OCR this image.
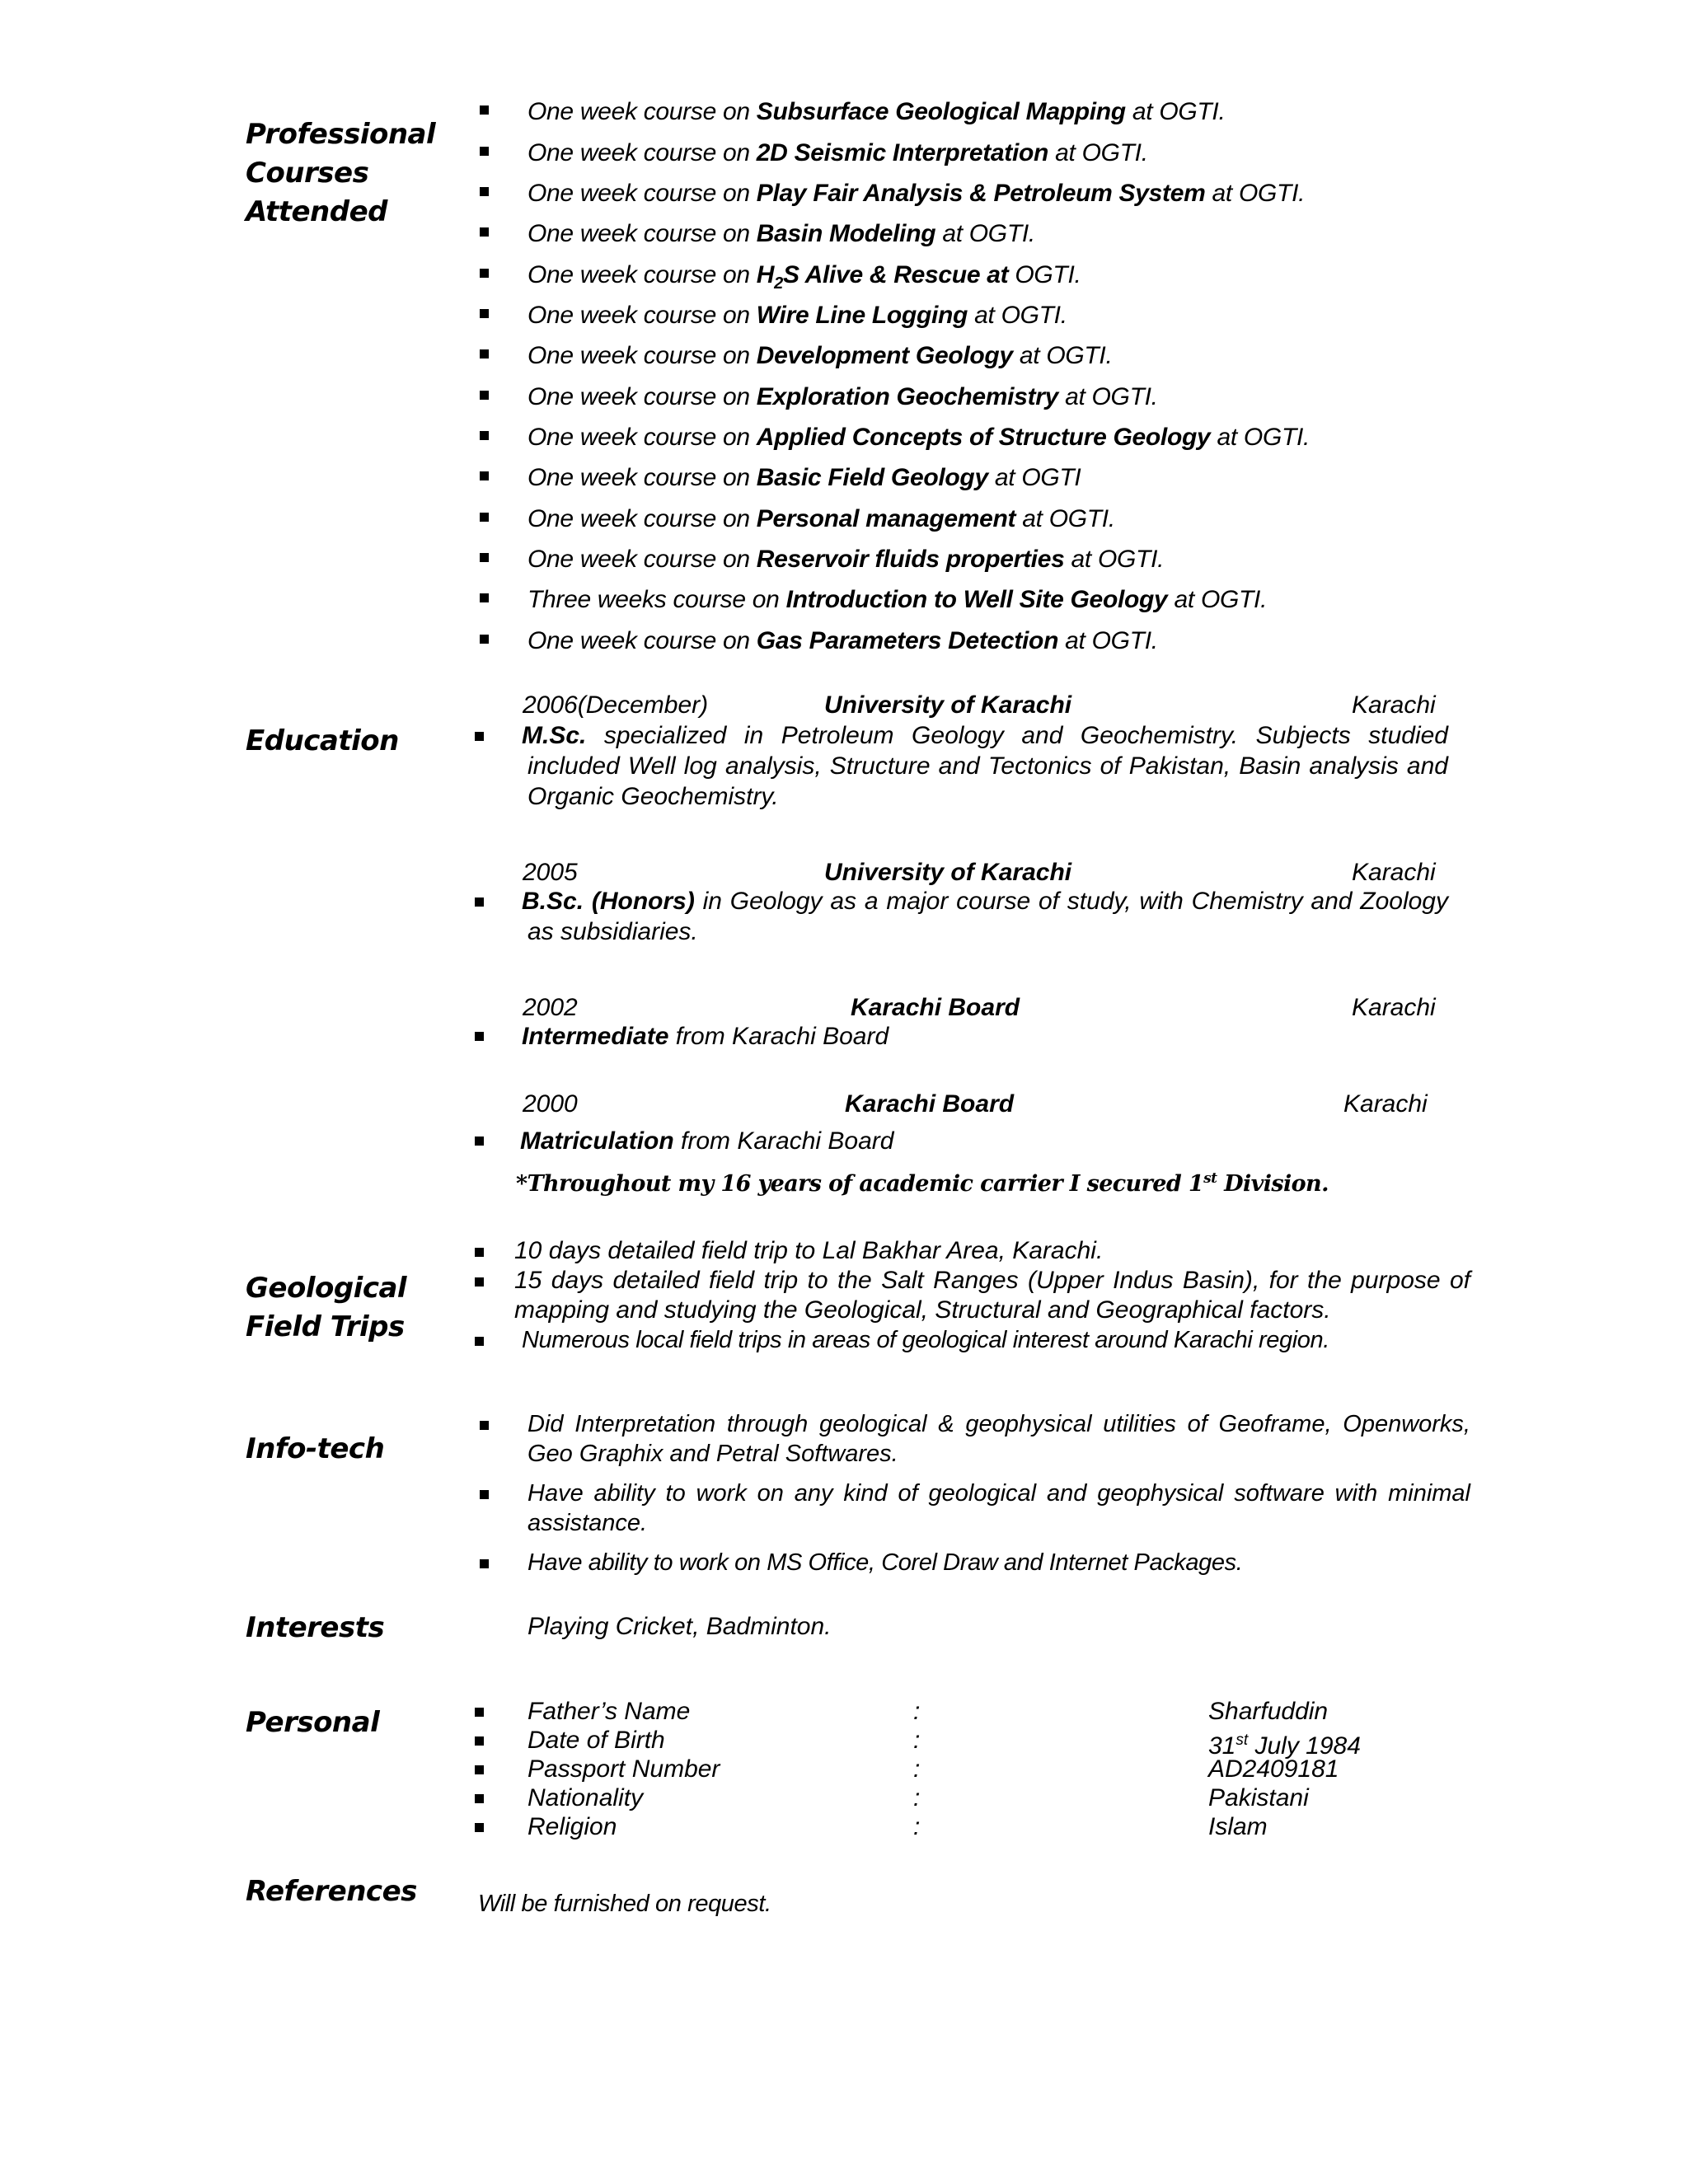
Professional
Courses
Attended
Education
Geological
Field Trips
Info-tech
Interests
Personal
References
One week course on Subsurface Geological Mapping at OGTI.
One week course on 2D Seismic Interpretation at OGTI.
One week course on Play Fair Analysis & Petroleum System at OGTI.
One week course on Basin Modeling at OGTI.
One week course on $H_2S$ Alive & Rescue at OGTI.
One week course on Wire Line Logging at OGTI.
One week course on Development Geology at OGTI.
One week course on Exploration Geochemistry at OGTI.
One week course on Applied Concepts of Structure Geology at OGTI.
One week course on Basic Field Geology at OGTI
One week course on Personal management at OGTI.
One week course on Reservoir fluids properties at OGTI.
Three weeks course on Introduction to Well Site Geology at OGTI.
One week course on Gas Parameters Detection at OGTI.
2006(December)	University of Karachi	Karachi
M.Sc. specialized in Petroleum Geology and Geochemistry. Subjects studied included Well log analysis, Structure and Tectonics of Pakistan, Basin analysis and Organic Geochemistry.
2005	University of Karachi	Karachi
B.Sc. (Honors) in Geology as a major course of study, with Chemistry and Zoology as subsidiaries.
2002	Karachi Board	Karachi
Intermediate from Karachi Board
2000	Karachi Board	Karachi
Matriculation from Karachi Board
*Throughout my 16 years of academic carrier I secured 1st Division.
10 days detailed field trip to Lal Bakhar Area, Karachi.
15 days detailed field trip to the Salt Ranges (Upper Indus Basin), for the purpose of mapping and studying the Geological, Structural and Geographical factors.
Numerous local field trips in areas of geological interest around Karachi region.
Did Interpretation through geological & geophysical utilities of Geoframe, Openworks, Geo Graphix and Petral Softwares.
Have ability to work on any kind of geological and geophysical software with minimal assistance.
Have ability to work on MS Office, Corel Draw and Internet Packages.
Playing Cricket, Badminton.
Father’s Name	:	Sharfuddin
Date of Birth	:	31st July 1984
Passport Number	:	AD2409181
Nationality	:	Pakistani
Religion	:	Islam
Will be furnished on request.
